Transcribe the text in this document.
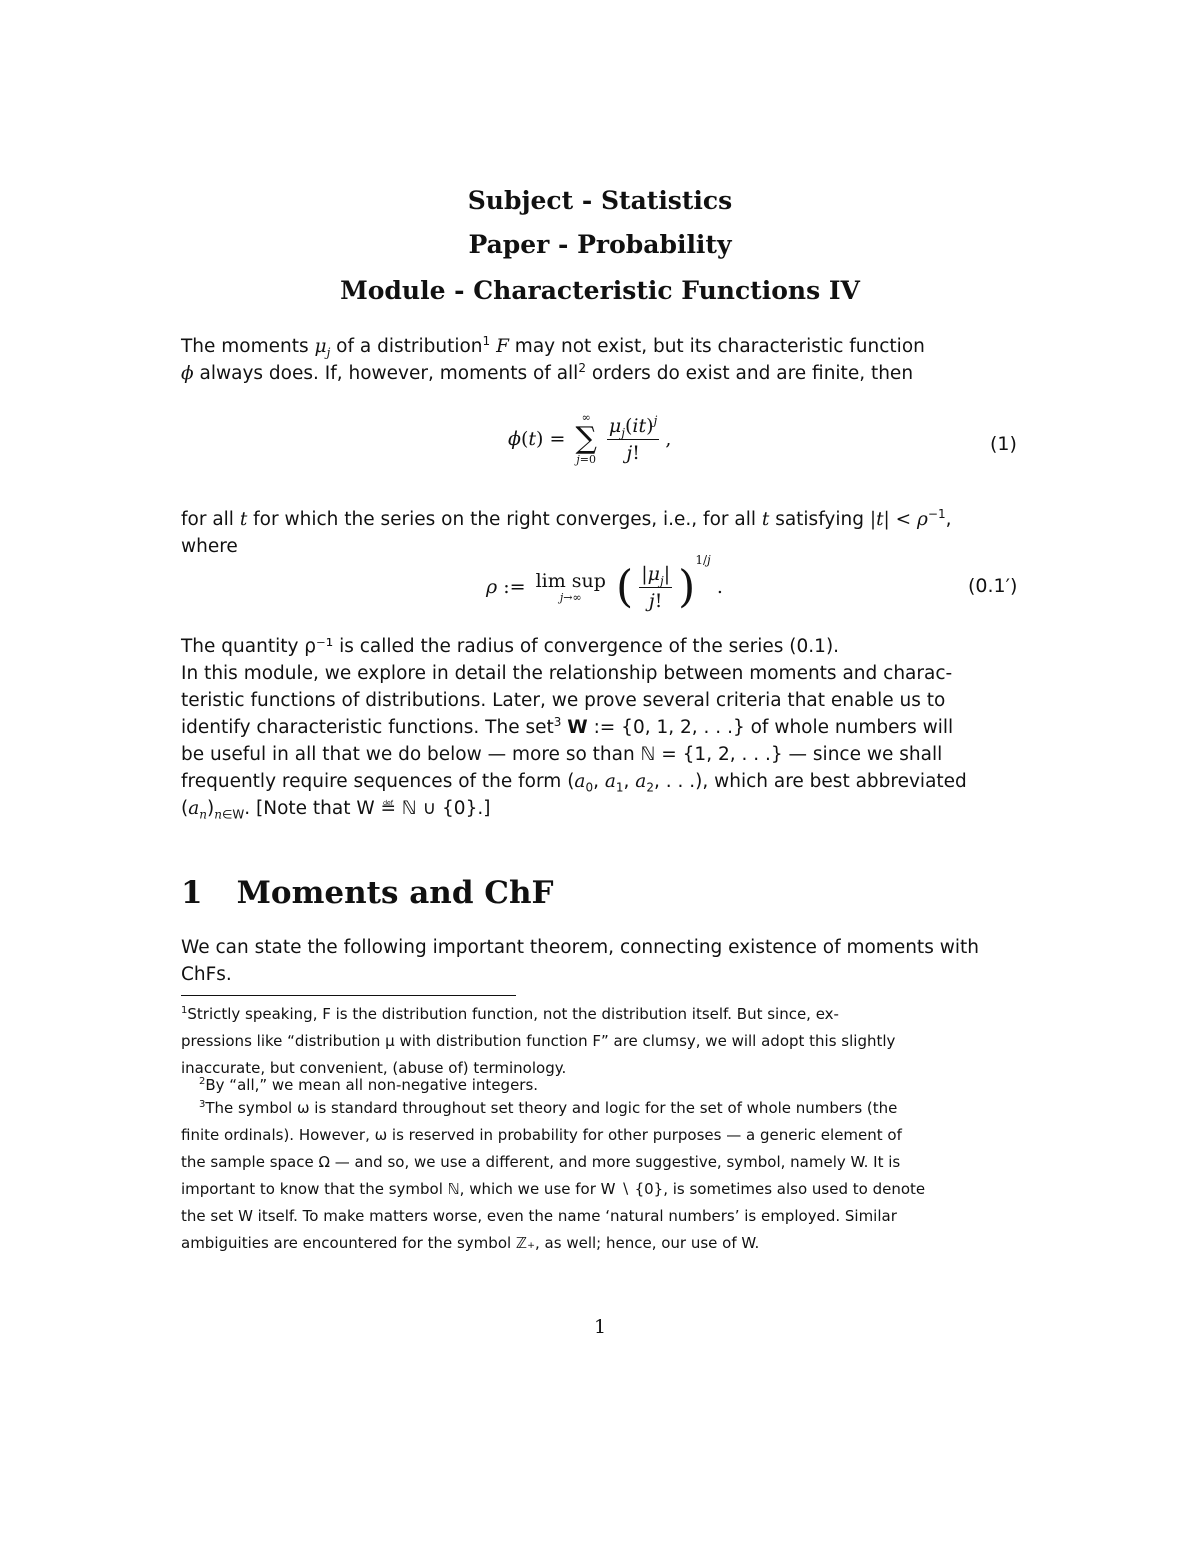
Subject - Statistics
Paper - Probability
Module - Characteristic Functions IV
The moments $\mu_j$ of a distribution$^1$ F may not exist, but its characteristic function
ϕ always does. If, however, moments of all$^2$ orders do exist and are finite, then
ϕ(t) =
∞
∑
j=0
$\frac{\mu_j(it)^j}{j!}$ ,	(1)
for all t for which the series on the right converges, i.e., for all t satisfying $|t| < \rho^{-1}$,
where
ρ := lim sup
j→∞ ( $\frac{|\mu_j|}{j!} )^{1/j}$ .	(0.1′)
The quantity ρ⁻¹ is called the radius of convergence of the series (0.1).
In this module, we explore in detail the relationship between moments and charac-
teristic functions of distributions. Later, we prove several criteria that enable us to
identify characteristic functions. The set$^3$ W := {0, 1, 2, . . .} of whole numbers will
be useful in all that we do below — more so than ℕ = {1, 2, . . .} — since we shall
frequently require sequences of the form ($a_0$, $a_1$, $a_2$, . . .), which are best abbreviated
$(a_n)_{n\in W}$. [Note that W ≝ ℕ ∪ {0}.]
1 Moments and ChF
We can state the following important theorem, connecting existence of moments with
ChFs.
$^1$Strictly speaking, F is the distribution function, not the distribution itself. But since, ex-
pressions like “distribution μ with distribution function F” are clumsy, we will adopt this slightly
inaccurate, but convenient, (abuse of) terminology.
$^2$By “all,” we mean all non-negative integers.
$^3$The symbol ω is standard throughout set theory and logic for the set of whole numbers (the
finite ordinals). However, ω is reserved in probability for other purposes — a generic element of
the sample space Ω — and so, we use a different, and more suggestive, symbol, namely W. It is
important to know that the symbol ℕ, which we use for W ∖ {0}, is sometimes also used to denote
the set W itself. To make matters worse, even the name ‘natural numbers’ is employed. Similar
ambiguities are encountered for the symbol ℤ₊, as well; hence, our use of W.
1
